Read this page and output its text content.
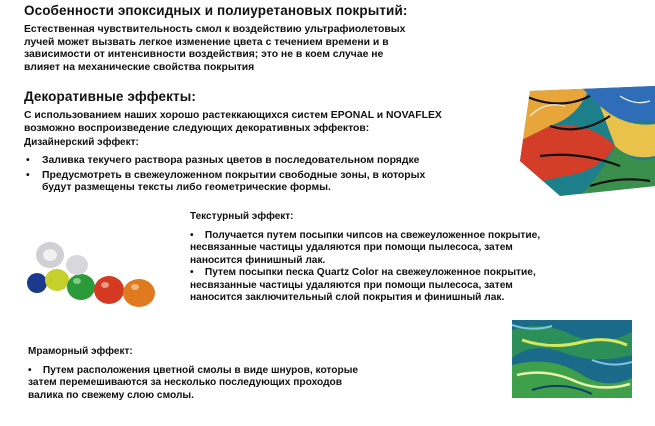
Особенности эпоксидных и полиуретановых покрытий:
Естественная чувствительность смол к воздействию ультрафиолетовых
лучей может вызвать легкое изменение цвета с течением времени и в
зависимости от интенсивности воздействия; это не в коем случае не
влияет на механические свойства покрытия
Декоративные эффекты:
С использованием наших хорошо растеккающихся систем EPONAL и NOVAFLEX
возможно воспроизведение следующих декоративных эффектов:
Дизайнерский эффект:
• Заливка текучего раствора разных цветов в последовательном порядке
• Предусмотреть в свежеуложенном покрытии свободные зоны, в которых
будут размещены тексты либо геометрические формы.
Текстурный эффект:
• Получается путем посыпки чипсов на свежеуложенное покрытие,
несвязанные частицы удаляются при помощи пылесоса, затем
наносится финишный лак.
• Путем посыпки песка Quartz Color на свежеуложенное покрытие,
несвязанные частицы удаляются при помощи пылесоса, затем
наносится заключительный слой покрытия и финишный лак.
Мраморный эффект:
• Путем расположения цветной смолы в виде шнуров, которые
затем перемешиваются за несколько последующих проходов
валика по свежему слою смолы.
